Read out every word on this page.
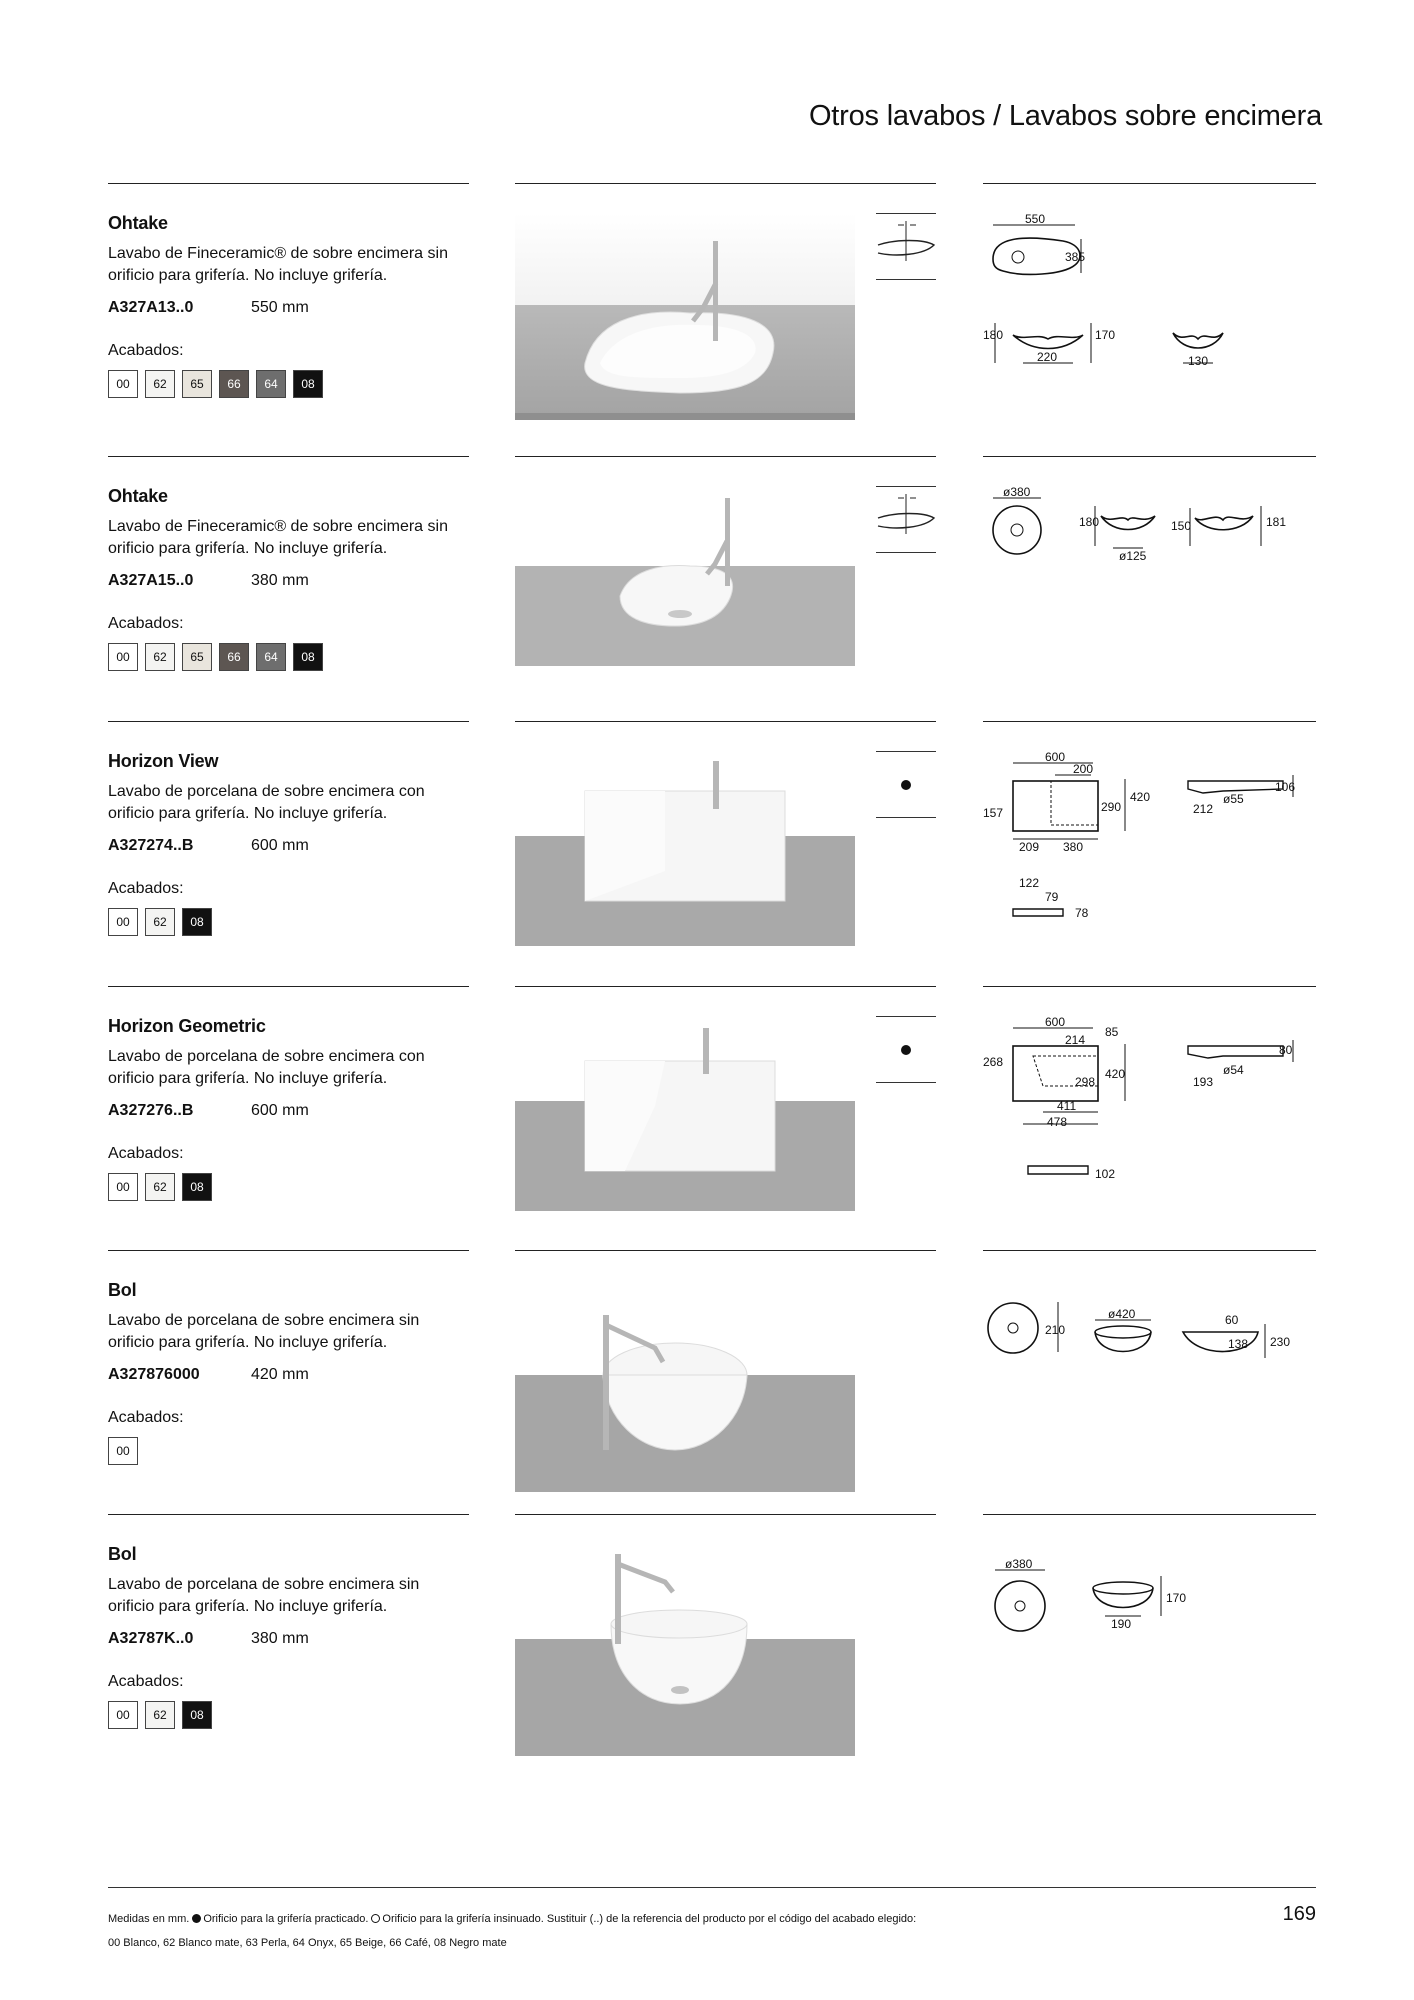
Otros lavabos / Lavabos sobre encimera
Ohtake
Lavabo de Fineceramic® de sobre encimera sin orificio para grifería. No incluye grifería.
A327A13..0	550 mm
Acabados:
00	62	65	66	64	08
550
385
180	170
220	130
Ohtake
Lavabo de Fineceramic® de sobre encimera sin orificio para grifería. No incluye grifería.
A327A15..0	380 mm
Acabados:
00	62	65	66	64	08
ø380
180
ø125
150	181
Horizon View
Lavabo de porcelana de sobre encimera con orificio para grifería. No incluye grifería.
A327274..B	600 mm
Acabados:
00	62	08
600
200
290
420
157
209 380
106
212
ø55
122
79
78
Horizon Geometric
Lavabo de porcelana de sobre encimera con orificio para grifería. No incluye grifería.
A327276..B	600 mm
Acabados:
00	62	08
600
214
85
268
298
420
411
478
80
193
ø54
102
Bol
Lavabo de porcelana de sobre encimera sin orificio para grifería. No incluye grifería.
A327876000	420 mm
Acabados:
00
210
ø420	60
138 230
Bol
Lavabo de porcelana de sobre encimera sin orificio para grifería. No incluye grifería.
A32787K..0	380 mm
Acabados:
00	62	08
ø380
170
190
Medidas en mm. Orificio para la grifería practicado. Orificio para la grifería insinuado. Sustituir (..) de la referencia del producto por el código del acabado elegido:
00 Blanco, 62 Blanco mate, 63 Perla, 64 Onyx, 65 Beige, 66 Café, 08 Negro mate
169
